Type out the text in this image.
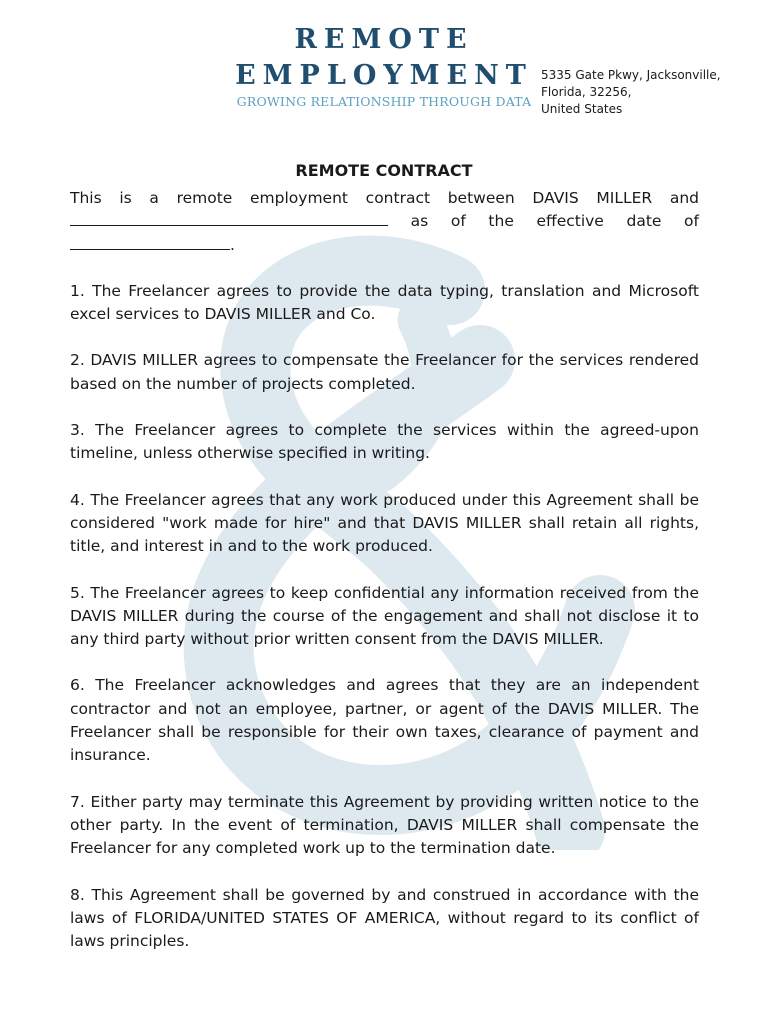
REMOTE
EMPLOYMENT
GROWING RELATIONSHIP THROUGH DATA
5335 Gate Pkwy, Jacksonville,
Florida, 32256,
United States
REMOTE CONTRACT

This is a remote employment contract between DAVIS MILLER and  as of the effective date of

.

1. The Freelancer agrees to provide the data typing, translation and Microsoft excel services to DAVIS MILLER and Co.

2. DAVIS MILLER agrees to compensate the Freelancer for the services rendered based on the number of projects completed.

3. The Freelancer agrees to complete the services within the agreed-upon timeline, unless otherwise specified in writing.

4. The Freelancer agrees that any work produced under this Agreement shall be considered "work made for hire" and that DAVIS MILLER shall retain all rights, title, and interest in and to the work produced.

5. The Freelancer agrees to keep confidential any information received from the DAVIS MILLER during the course of the engagement and shall not disclose it to any third party without prior written consent from the DAVIS MILLER.

6. The Freelancer acknowledges and agrees that they are an independent contractor and not an employee, partner, or agent of the DAVIS MILLER. The Freelancer shall be responsible for their own taxes, clearance of payment and insurance.

7. Either party may terminate this Agreement by providing written notice to the other party. In the event of termination, DAVIS MILLER shall compensate the Freelancer for any completed work up to the termination date.

8. This Agreement shall be governed by and construed in accordance with the laws of FLORIDA/UNITED STATES OF AMERICA, without regard to its conflict of laws principles.
